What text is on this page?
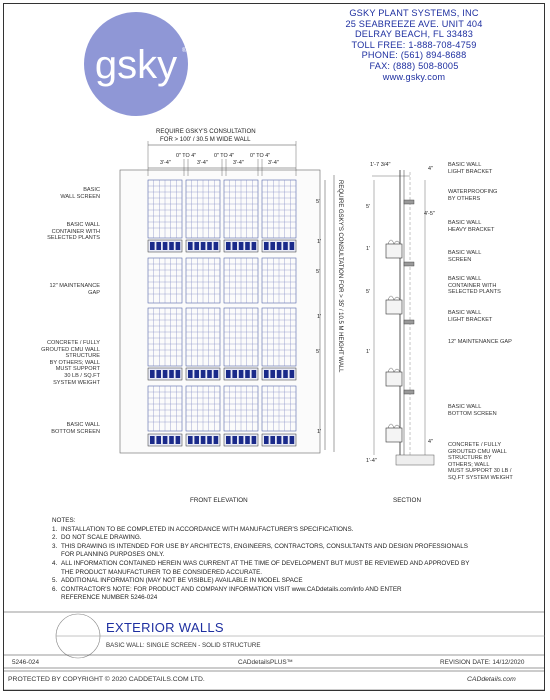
gsky ®
GSKY PLANT SYSTEMS, INC
25 SEABREEZE AVE. UNIT 404
DELRAY BEACH, FL 33483
TOLL FREE: 1-888-708-4759
PHONE: (561) 894-8688
FAX: (888) 508-8005
www.gsky.com
REQUIRE GSKY'S CONSULTATION
FOR > 100' / 30.5 M WIDE WALL
3'-4"
0" TO 4"
3'-4"
0" TO 4"
3'-4"
0" TO 4"
3'-4"
REQUIRE GSKY'S CONSULTATION FOR > 35' / 10.5 M HEIGHT WALL
5'
1'
5'
1'
5'
1'
BASIC
WALL SCREEN
BASIC WALL
CONTAINER WITH
SELECTED PLANTS
12" MAINTENANCE
GAP
CONCRETE / FULLY
GROUTED CMU WALL
STRUCTURE
BY OTHERS; WALL
MUST SUPPORT
30 LB / SQ.FT
SYSTEM WEIGHT
BASIC WALL
BOTTOM SCREEN
FRONT ELEVATION
1'-7 3/4"
4"
5'
4'-5"
1'
5'
1'
4"
1'-4"
BASIC WALL
LIGHT BRACKET
WATERPROOFING
BY OTHERS
BASIC WALL
HEAVY BRACKET
BASIC WALL
SCREEN
BASIC WALL
CONTAINER WITH
SELECTED PLANTS
BASIC WALL
LIGHT BRACKET
12" MAINTENANCE GAP
BASIC WALL
BOTTOM SCREEN
CONCRETE / FULLY
GROUTED CMU WALL
STRUCTURE BY
OTHERS; WALL
MUST SUPPORT 30 LB /
SQ.FT SYSTEM WEIGHT
SECTION
NOTES:
1. INSTALLATION TO BE COMPLETED IN ACCORDANCE WITH MANUFACTURER'S SPECIFICATIONS.
2. DO NOT SCALE DRAWING.
3. THIS DRAWING IS INTENDED FOR USE BY ARCHITECTS, ENGINEERS, CONTRACTORS, CONSULTANTS AND DESIGN PROFESSIONALS
FOR PLANNING PURPOSES ONLY.
4. ALL INFORMATION CONTAINED HEREIN WAS CURRENT AT THE TIME OF DEVELOPMENT BUT MUST BE REVIEWED AND APPROVED BY
THE PRODUCT MANUFACTURER TO BE CONSIDERED ACCURATE.
5. ADDITIONAL INFORMATION (MAY NOT BE VISIBLE) AVAILABLE IN MODEL SPACE
6. CONTRACTOR'S NOTE: FOR PRODUCT AND COMPANY INFORMATION VISIT www.CADdetails.com/info AND ENTER
REFERENCE NUMBER 5246-024
EXTERIOR WALLS
BASIC WALL: SINGLE SCREEN - SOLID STRUCTURE
5246-024	CADdetailsPLUS™	REVISION DATE: 14/12/2020
PROTECTED BY COPYRIGHT © 2020 CADDETAILS.COM LTD.	CADdetails.com
